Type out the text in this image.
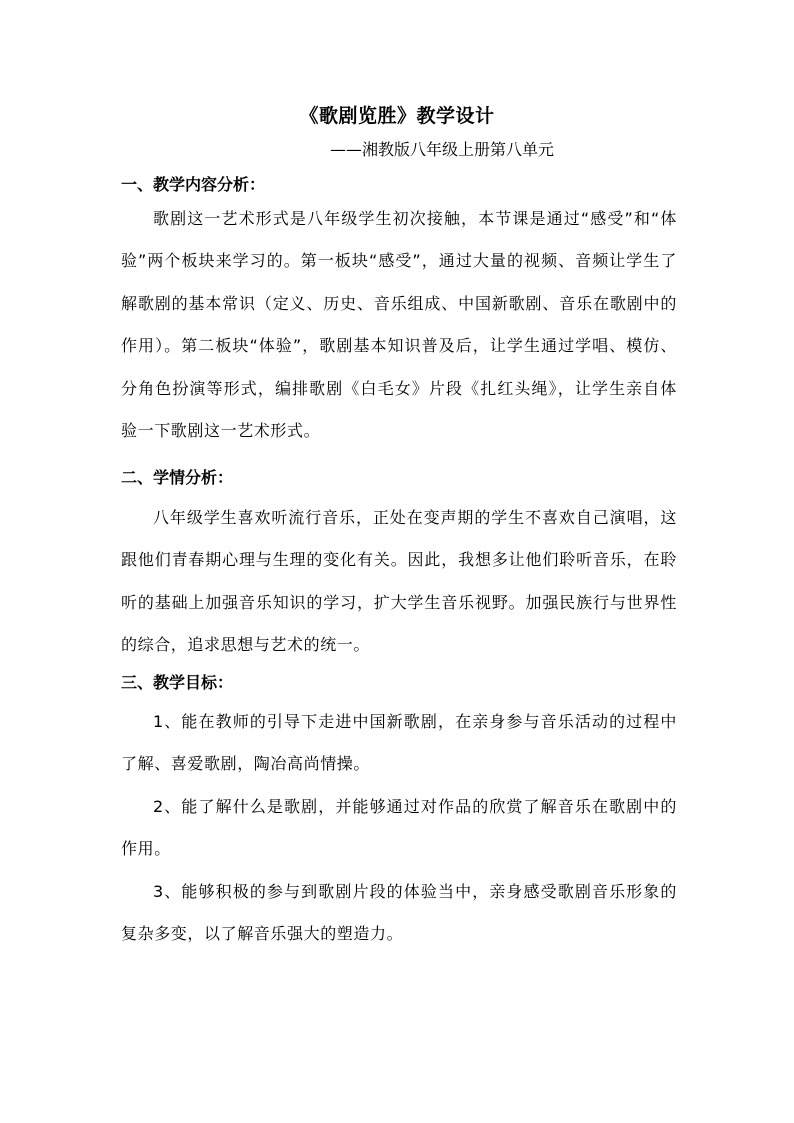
《歌剧览胜》教学设计
——湘教版八年级上册第八单元
一、教学内容分析：

歌剧这一艺术形式是八年级学生初次接触，本节课是通过“感受”和“体验”两个板块来学习的。第一板块“感受”，通过大量的视频、音频让学生了解歌剧的基本常识（定义、历史、音乐组成、中国新歌剧、音乐在歌剧中的作用）。第二板块“体验”，歌剧基本知识普及后，让学生通过学唱、模仿、分角色扮演等形式，编排歌剧《白毛女》片段《扎红头绳》，让学生亲自体验一下歌剧这一艺术形式。

二、学情分析：

八年级学生喜欢听流行音乐，正处在变声期的学生不喜欢自己演唱，这跟他们青春期心理与生理的变化有关。因此，我想多让他们聆听音乐，在聆听的基础上加强音乐知识的学习，扩大学生音乐视野。加强民族行与世界性的综合，追求思想与艺术的统一。

三、教学目标：

1、能在教师的引导下走进中国新歌剧，在亲身参与音乐活动的过程中了解、喜爱歌剧，陶冶高尚情操。

2、能了解什么是歌剧，并能够通过对作品的欣赏了解音乐在歌剧中的作用。

3、能够积极的参与到歌剧片段的体验当中，亲身感受歌剧音乐形象的复杂多变，以了解音乐强大的塑造力。
